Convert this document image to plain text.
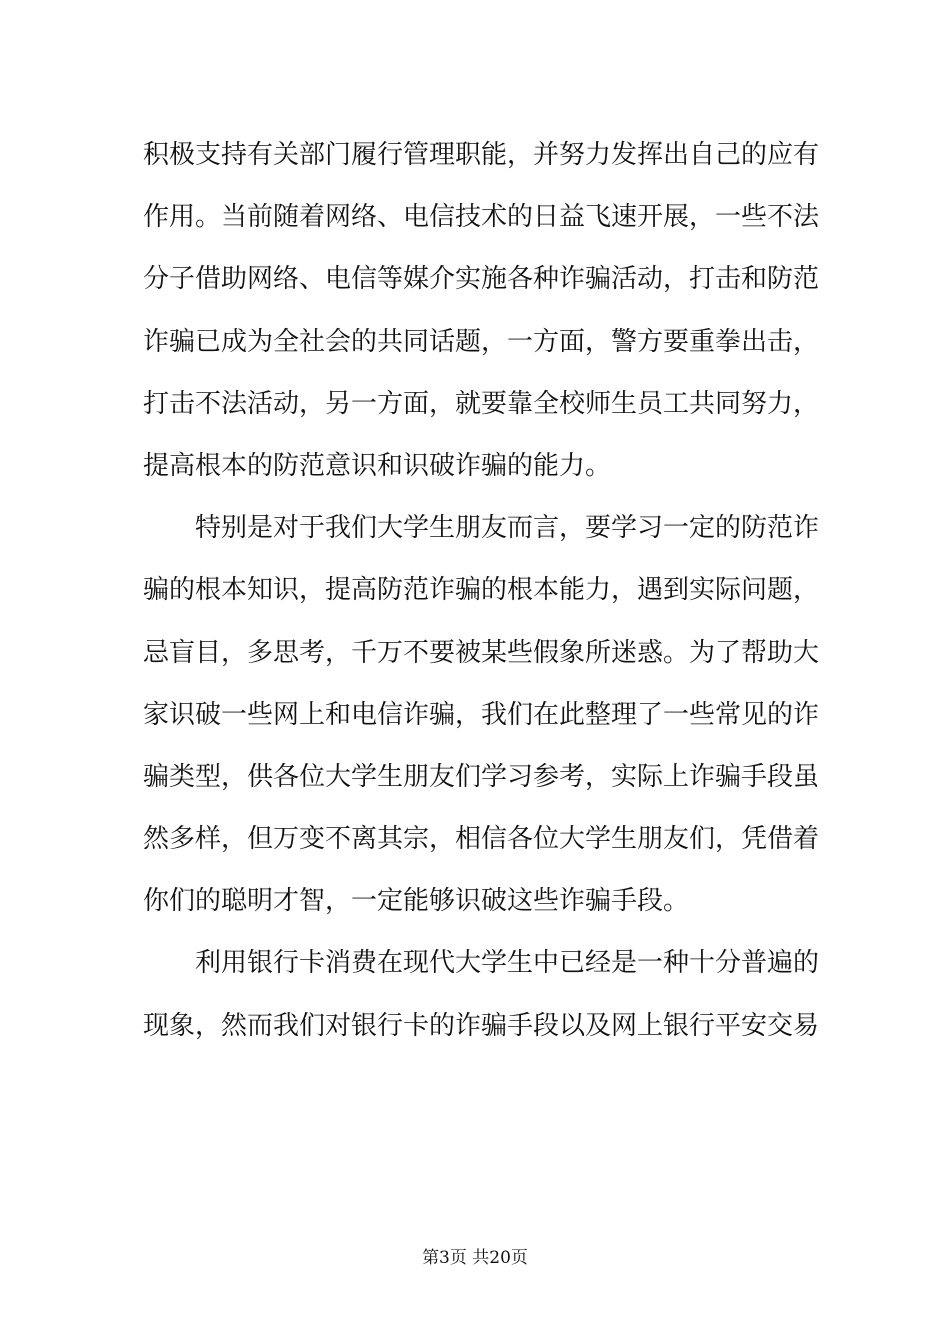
积极支持有关部门履行管理职能，并努力发挥出自己的应有
作用。当前随着网络、电信技术的日益飞速开展，一些不法
分子借助网络、电信等媒介实施各种诈骗活动，打击和防范
诈骗已成为全社会的共同话题，一方面，警方要重拳出击，
打击不法活动，另一方面，就要靠全校师生员工共同努力，
提高根本的防范意识和识破诈骗的能力。
特别是对于我们大学生朋友而言，要学习一定的防范诈
骗的根本知识，提高防范诈骗的根本能力，遇到实际问题，
忌盲目，多思考，千万不要被某些假象所迷惑。为了帮助大
家识破一些网上和电信诈骗，我们在此整理了一些常见的诈
骗类型，供各位大学生朋友们学习参考，实际上诈骗手段虽
然多样，但万变不离其宗，相信各位大学生朋友们，凭借着
你们的聪明才智，一定能够识破这些诈骗手段。
利用银行卡消费在现代大学生中已经是一种十分普遍的
现象，然而我们对银行卡的诈骗手段以及网上银行平安交易
第3页 共20页
